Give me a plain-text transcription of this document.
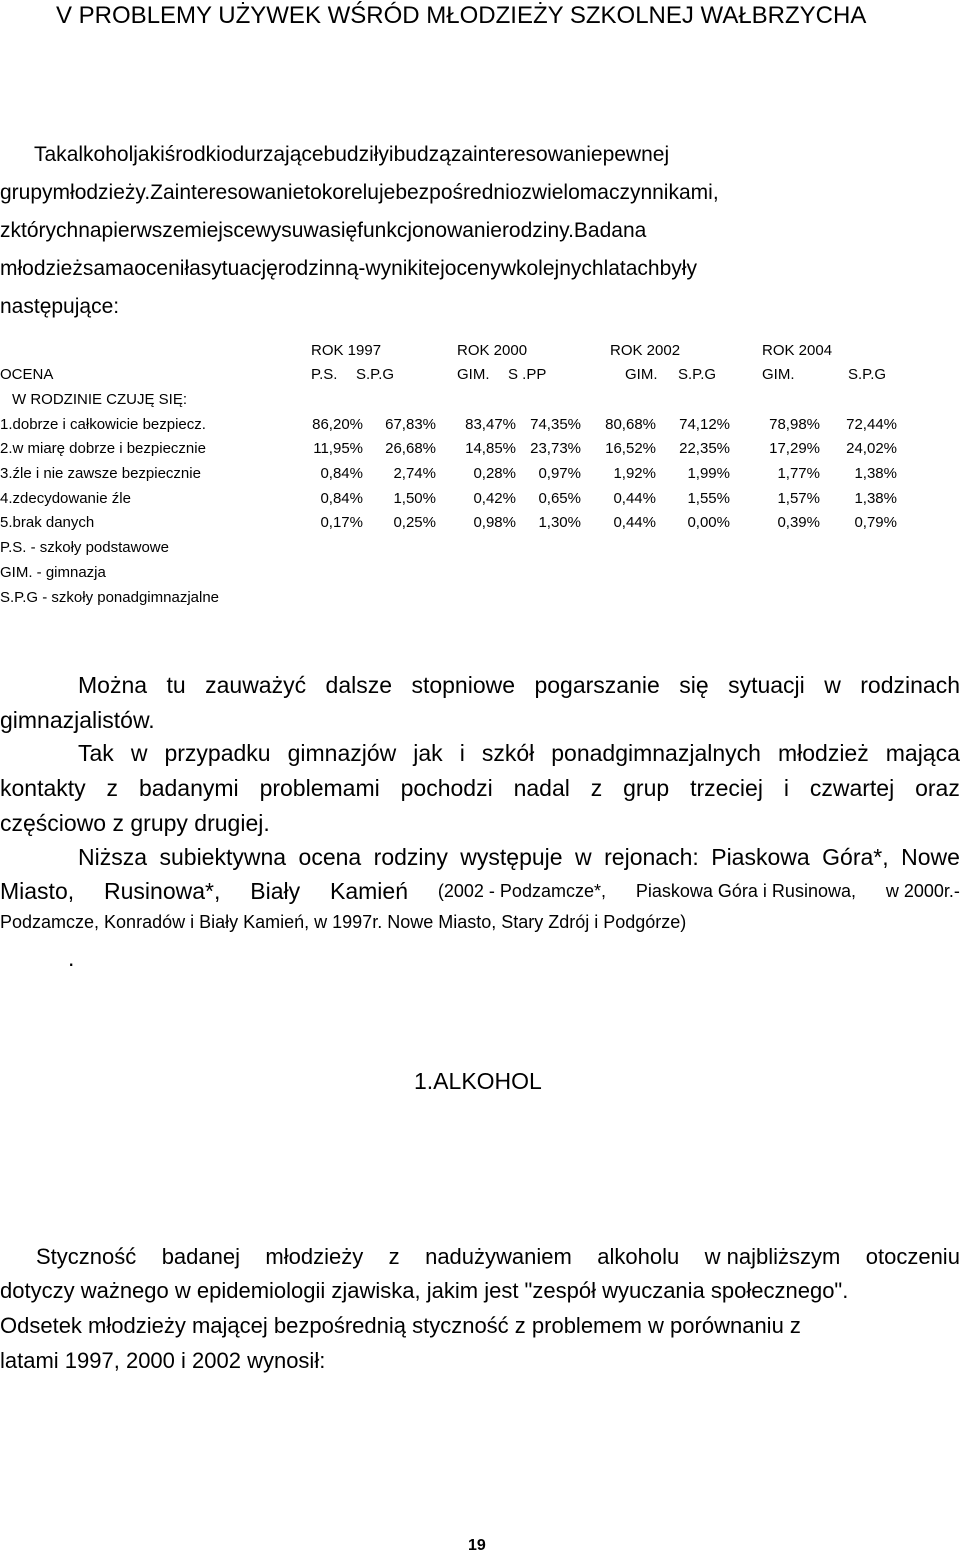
V PROBLEMY UŻYWEK WŚRÓD MŁODZIEŻY SZKOLNEJ WAŁBRZYCHA
Takalkoholjakiśrodkiodurzającebudziłyibudzązainteresowaniepewnej
grupymłodzieży.Zainteresowanietokorelujebezpośredniozwielomaczynnikami,
zktórychnapierwszemiejscewysuwasięfunkcjonowanierodziny.Badana
młodzieżsamaoceniłasytuacjęrodzinną-wynikitejocenywkolejnychlatachbyły
następujące:
ROK 1997	ROK 2000	ROK 2002	ROK 2004
OCENA	P.S. S.P.G	GIM. S .PP	GIM. S.P.G	GIM.	S.P.G
W RODZINIE CZUJĘ SIĘ:
1.dobrze i całkowicie bezpiecz.	86,20% 67,83% 83,47% 74,35% 80,68% 74,12%	78,98% 72,44%
2.w miarę dobrze i bezpiecznie	11,95% 26,68% 14,85% 23,73% 16,52% 22,35%	17,29% 24,02%
3.źle i nie zawsze bezpiecznie	0,84% 2,74% 0,28% 0,97% 1,92% 1,99%	1,77% 1,38%
4.zdecydowanie źle	0,84% 1,50% 0,42% 0,65% 0,44% 1,55%	1,57% 1,38%
5.brak danych	0,17% 0,25% 0,98% 1,30% 0,44% 0,00%	0,39% 0,79%
P.S. - szkoły podstawowe
GIM. - gimnazja
S.P.G - szkoły ponadgimnazjalne
Można tu zauważyć dalsze stopniowe pogarszanie się sytuacji w rodzinach
gimnazjalistów.
Tak w przypadku gimnazjów jak i szkół ponadgimnazjalnych młodzież mająca
kontakty z badanymi problemami pochodzi nadal z grup trzeciej i czwartej oraz
częściowo z grupy drugiej.
Niższa subiektywna ocena rodziny występuje w rejonach: Piaskowa Góra*, Nowe
Miasto, Rusinowa*, Biały Kamień (2002 - Podzamcze*, Piaskowa Góra i Rusinowa, w 2000r.-
Podzamcze, Konradów i Biały Kamień, w 1997r. Nowe Miasto, Stary Zdrój i Podgórze)
.
1.ALKOHOL
Styczność badanej młodzieży z nadużywaniem alkoholu w najbliższym otoczeniu
dotyczy ważnego w epidemiologii zjawiska, jakim jest "zespół wyuczania społecznego".
Odsetek młodzieży mającej bezpośrednią styczność z problemem w porównaniu z
latami 1997, 2000 i 2002 wynosił:
19
